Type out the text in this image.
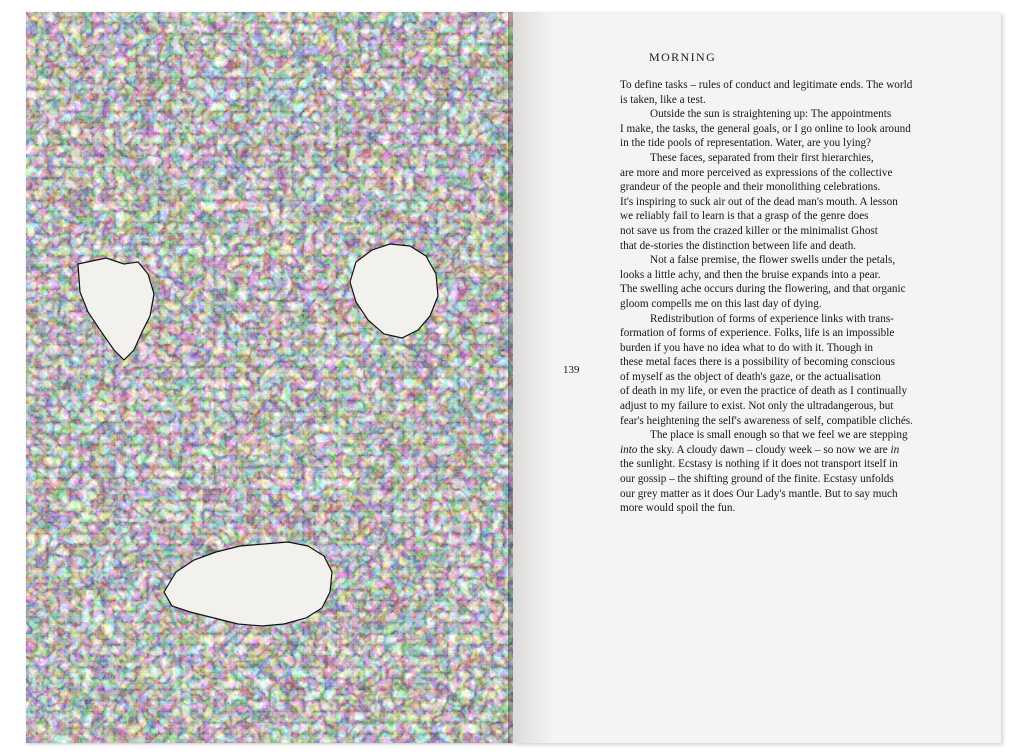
MORNING
139
To define tasks – rules of conduct and legitimate ends. The world
is taken, like a test.
Outside the sun is straightening up: The appointments
I make, the tasks, the general goals, or I go online to look around
in the tide pools of representation. Water, are you lying?
These faces, separated from their first hierarchies,
are more and more perceived as expressions of the collective
grandeur of the people and their monolithing celebrations.
It's inspiring to suck air out of the dead man's mouth. A lesson
we reliably fail to learn is that a grasp of the genre does
not save us from the crazed killer or the minimalist Ghost
that de-stories the distinction between life and death.
Not a false premise, the flower swells under the petals,
looks a little achy, and then the bruise expands into a pear.
The swelling ache occurs during the flowering, and that organic
gloom compells me on this last day of dying.
Redistribution of forms of experience links with trans-
formation of forms of experience. Folks, life is an impossible
burden if you have no idea what to do with it. Though in
these metal faces there is a possibility of becoming conscious
of myself as the object of death's gaze, or the actualisation
of death in my life, or even the practice of death as I continually
adjust to my failure to exist. Not only the ultradangerous, but
fear's heightening the self's awareness of self, compatible clichés.
The place is small enough so that we feel we are stepping
into the sky. A cloudy dawn – cloudy week – so now we are in
the sunlight. Ecstasy is nothing if it does not transport itself in
our gossip – the shifting ground of the finite. Ecstasy unfolds
our grey matter as it does Our Lady's mantle. But to say much
more would spoil the fun.
